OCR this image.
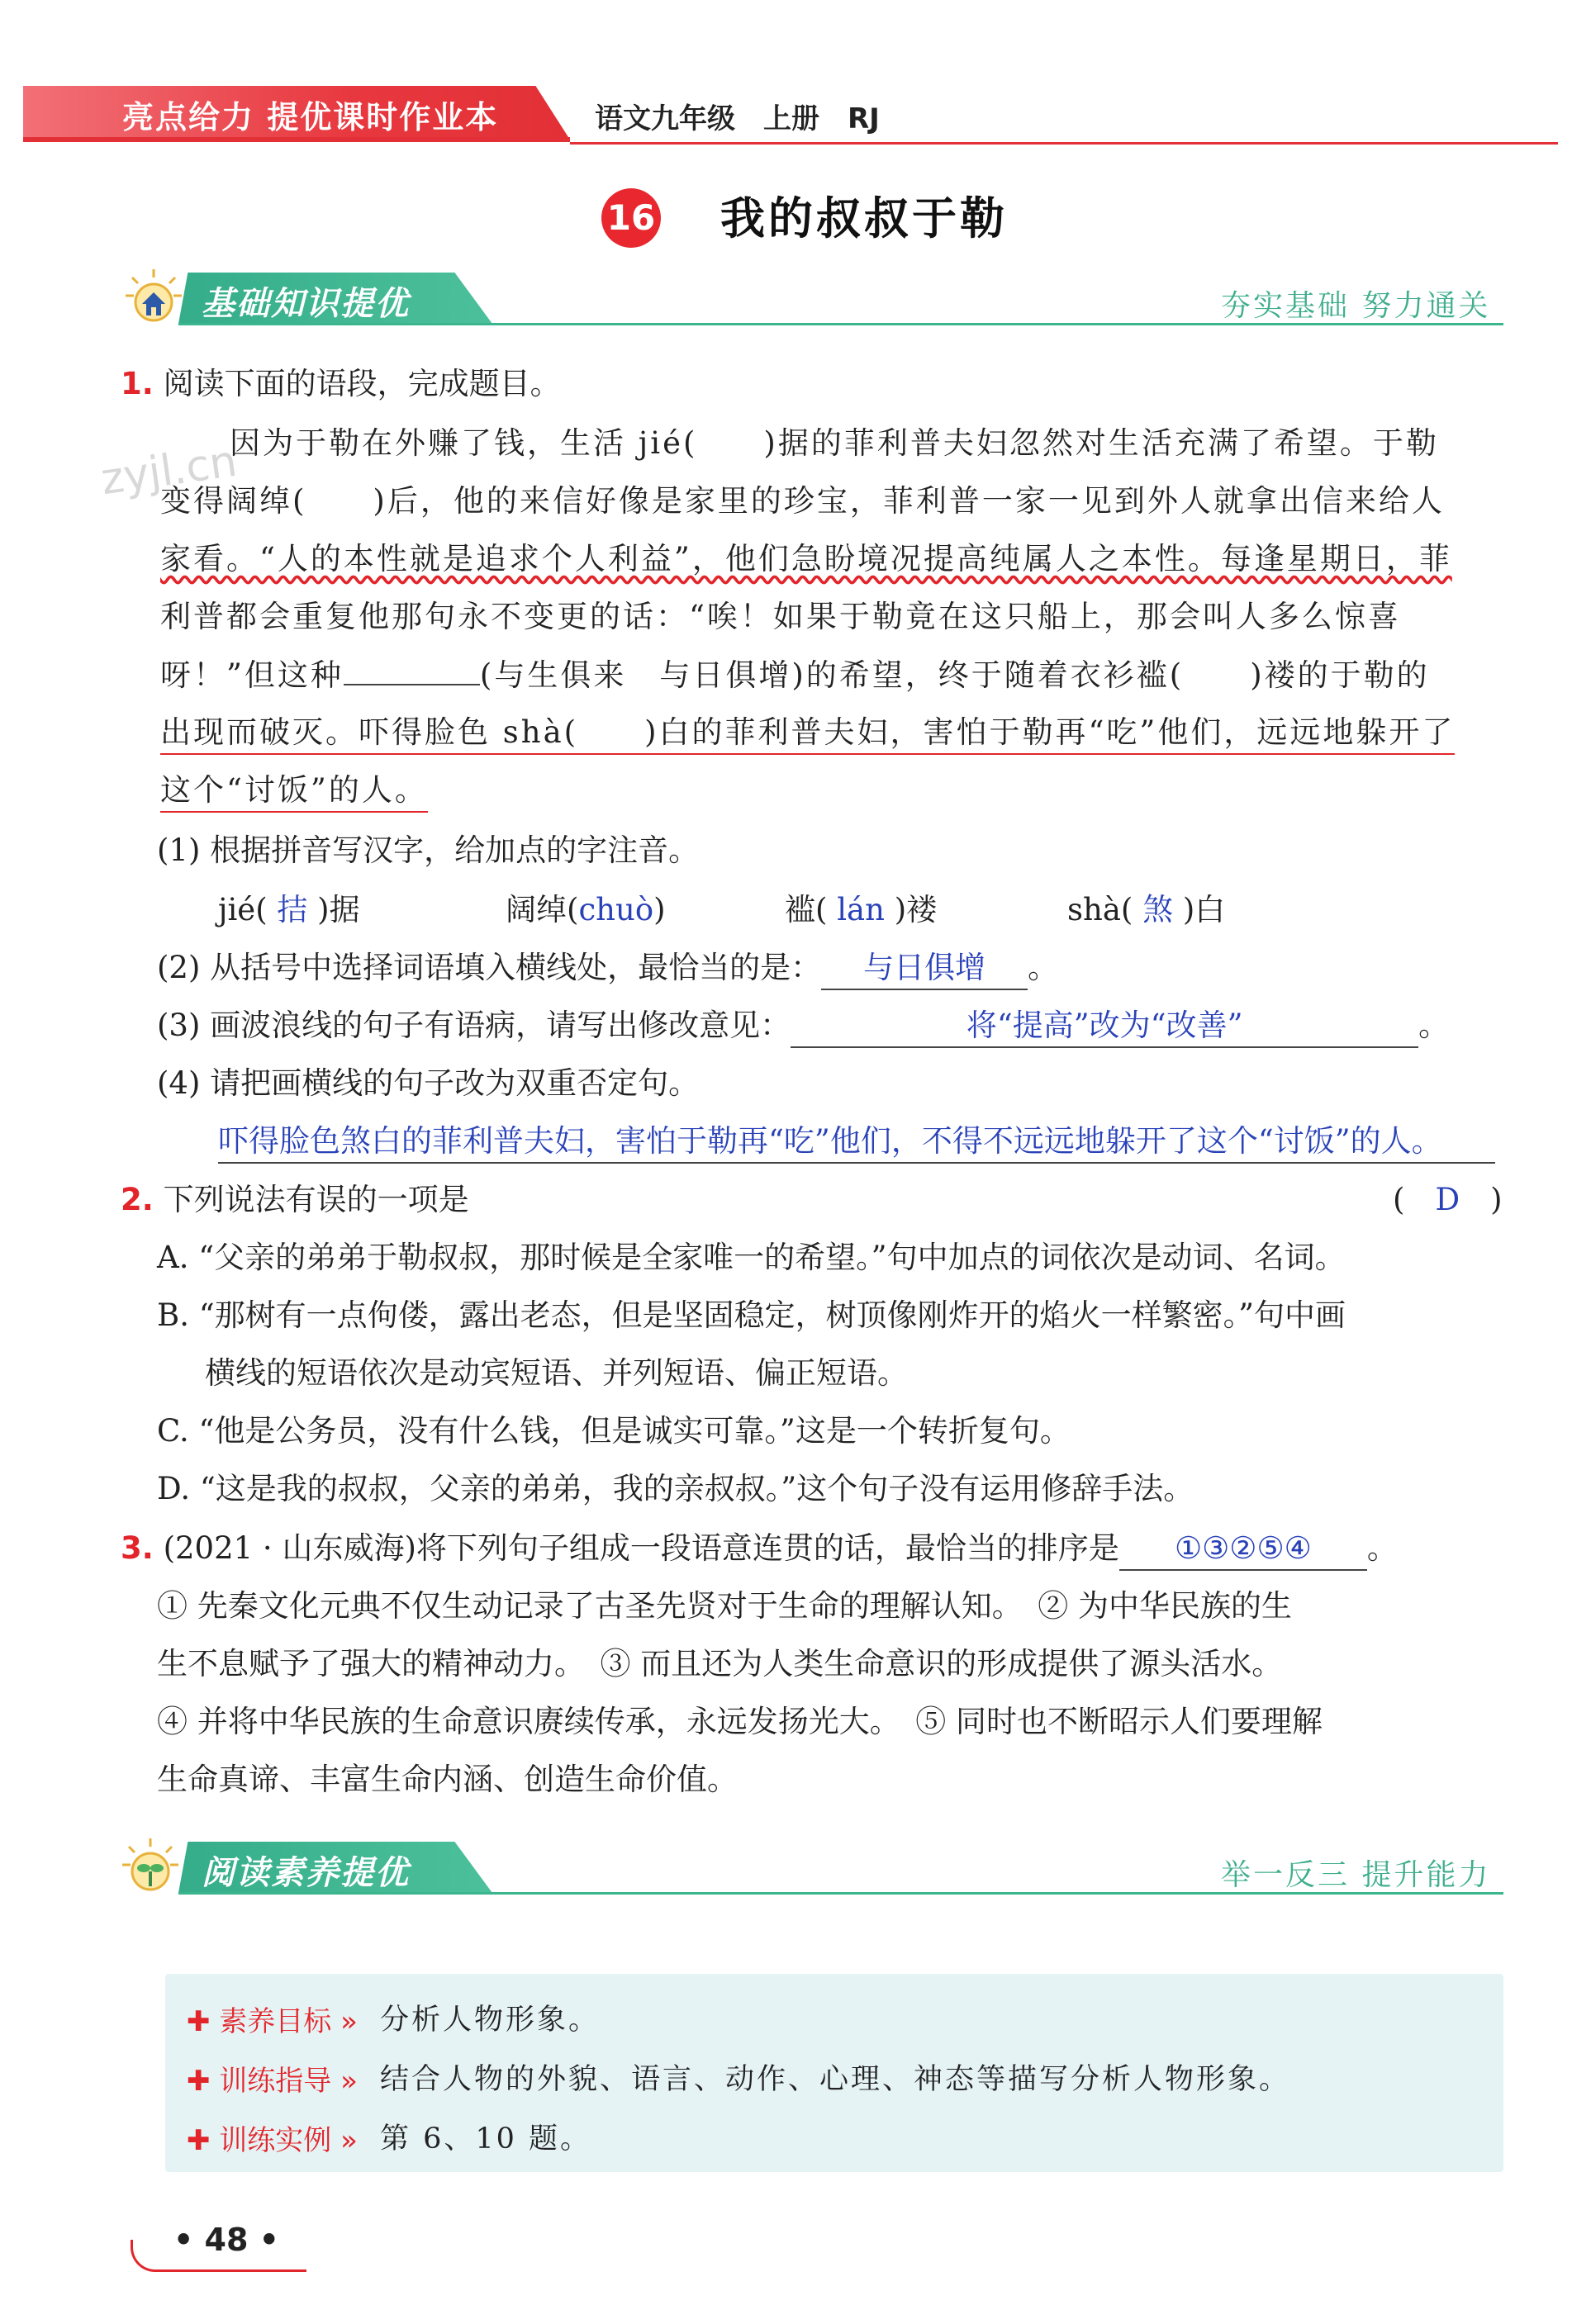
zyjl.cn
亮点给力 提优课时作业本	语文九年级　上册　RJ
16 我的叔叔于勒
基础知识提优	夯实基础 努力通关
1. 阅读下面的语段，完成题目。
因为于勒在外赚了钱，生活 jié(　　)据的菲利普夫妇忽然对生活充满了希望。于勒
变得阔绰(　　)后，他的来信好像是家里的珍宝，菲利普一家一见到外人就拿出信来给人
家看。“人的本性就是追求个人利益”，他们急盼境况提高纯属人之本性。每逢星期日，菲
利普都会重复他那句永不变更的话：“唉！如果于勒竟在这只船上，那会叫人多么惊喜
呀！”但这种	(与生俱来　与日俱增)的希望，终于随着衣衫褴(　　)褛的于勒的
出现而破灭。吓得脸色 shà(　　)白的菲利普夫妇，害怕于勒再“吃”他们，远远地躲开了
这个“讨饭”的人。
(1) 根据拼音写汉字，给加点的字注音。
jié( 拮 )据	阔绰(chuò)	褴( lán )褛	shà( 煞 )白
(2) 从括号中选择词语填入横线处，最恰当的是： 与日俱增 。
(3) 画波浪线的句子有语病，请写出修改意见：	将“提高”改为“改善”	。
(4) 请把画横线的句子改为双重否定句。
吓得脸色煞白的菲利普夫妇，害怕于勒再“吃”他们，不得不远远地躲开了这个“讨饭”的人。
2. 下列说法有误的一项是	(　D　)
A. “父亲的弟弟于勒叔叔，那时候是全家唯一的希望。”句中加点的词依次是动词、名词。
B. “那树有一点佝偻，露出老态，但是坚固稳定，树顶像刚炸开的焰火一样繁密。”句中画
横线的短语依次是动宾短语、并列短语、偏正短语。
C. “他是公务员，没有什么钱，但是诚实可靠。”这是一个转折复句。
D. “这是我的叔叔，父亲的弟弟，我的亲叔叔。”这个句子没有运用修辞手法。
3. (2021 · 山东威海)将下列句子组成一段语意连贯的话，最恰当的排序是 ①③②⑤④ 。
① 先秦文化元典不仅生动记录了古圣先贤对于生命的理解认知。　② 为中华民族的生
生不息赋予了强大的精神动力。　③ 而且还为人类生命意识的形成提供了源头活水。
④ 并将中华民族的生命意识赓续传承，永远发扬光大。　⑤ 同时也不断昭示人们要理解
生命真谛、丰富生命内涵、创造生命价值。
阅读素养提优	举一反三 提升能力
✚ 素养目标 » 分析人物形象。
✚ 训练指导 » 结合人物的外貌、语言、动作、心理、神态等描写分析人物形象。
✚ 训练实例 » 第 6、10 题。
• 48 •
